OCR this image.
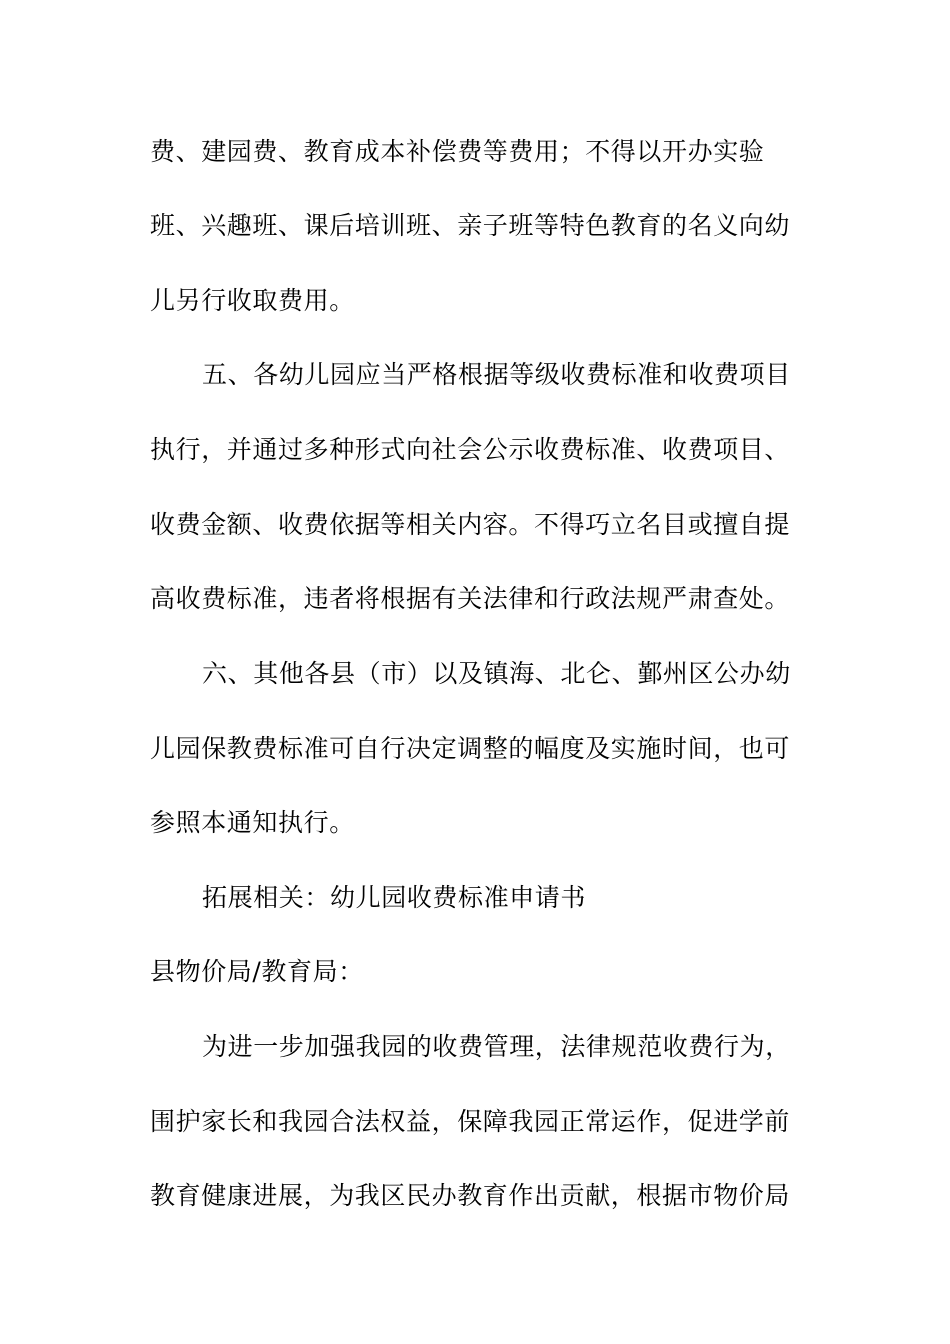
费、建园费、教育成本补偿费等费用；不得以开办实验
班、兴趣班、课后培训班、亲子班等特色教育的名义向幼
儿另行收取费用。
五、各幼儿园应当严格根据等级收费标准和收费项目
执行，并通过多种形式向社会公示收费标准、收费项目、
收费金额、收费依据等相关内容。不得巧立名目或擅自提
高收费标准，违者将根据有关法律和行政法规严肃查处。
六、其他各县（市）以及镇海、北仑、鄞州区公办幼
儿园保教费标准可自行决定调整的幅度及实施时间，也可
参照本通知执行。
拓展相关：幼儿园收费标准申请书
县物价局/教育局：
为进一步加强我园的收费管理，法律规范收费行为，
围护家长和我园合法权益，保障我园正常运作，促进学前
教育健康进展，为我区民办教育作出贡献，根据市物价局
